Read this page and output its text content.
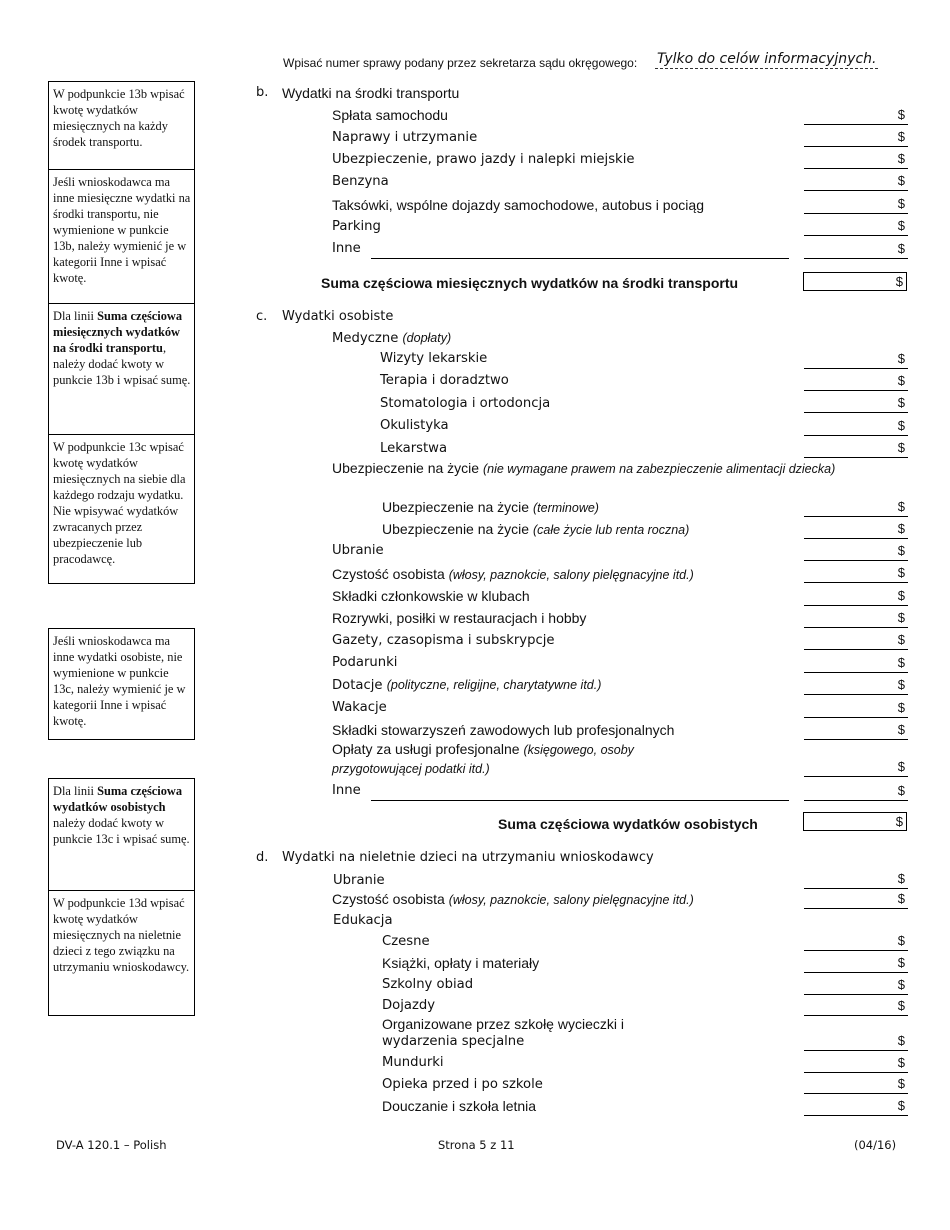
Wpisać numer sprawy podany przez sekretarza sądu okręgowego: Tylko do celów informacyjnych.
W podpunkcie 13b wpisać kwotę wydatków miesięcznych na każdy środek transportu.
Jeśli wnioskodawca ma inne miesięczne wydatki na środki transportu, nie wymienione w punkcie 13b, należy wymienić je w kategorii Inne i wpisać kwotę.
Dla linii Suma częściowa miesięcznych wydatków na środki transportu, należy dodać kwoty w punkcie 13b i wpisać sumę.
W podpunkcie 13c wpisać kwotę wydatków miesięcznych na siebie dla każdego rodzaju wydatku. Nie wpisywać wydatków zwracanych przez ubezpieczenie lub pracodawcę.
Jeśli wnioskodawca ma inne wydatki osobiste, nie wymienione w punkcie 13c, należy wymienić je w kategorii Inne i wpisać kwotę.
Dla linii Suma częściowa wydatków osobistych należy dodać kwoty w punkcie 13c i wpisać sumę.
W podpunkcie 13d wpisać kwotę wydatków miesięcznych na nieletnie dzieci z tego związku na utrzymaniu wnioskodawcy.
b. Wydatki na środki transportu
Spłata samochodu	$
Naprawy i utrzymanie	$
Ubezpieczenie, prawo jazdy i nalepki miejskie	$
Benzyna	$
Taksówki, wspólne dojazdy samochodowe, autobus i pociąg	$
Parking	$
Inne	$
Suma częściowa miesięcznych wydatków na środki transportu	$
c. Wydatki osobiste
Medyczne (dopłaty)
Wizyty lekarskie	$
Terapia i doradztwo	$
Stomatologia i ortodoncja	$
Okulistyka	$
Lekarstwa	$
Ubezpieczenie na życie (nie wymagane prawem na zabezpieczenie alimentacji dziecka)
Ubezpieczenie na życie (terminowe)	$
Ubezpieczenie na życie (całe życie lub renta roczna)	$
Ubranie	$
Czystość osobista (włosy, paznokcie, salony pielęgnacyjne itd.)	$
Składki członkowskie w klubach	$
Rozrywki, posiłki w restauracjach i hobby	$
Gazety, czasopisma i subskrypcje	$
Podarunki	$
Dotacje (polityczne, religijne, charytatywne itd.)	$
Wakacje	$
Składki stowarzyszeń zawodowych lub profesjonalnych	$
Opłaty za usługi profesjonalne (księgowego, osoby
przygotowującej podatki itd.)	$
Inne	$
Suma częściowa wydatków osobistych	$
d. Wydatki na nieletnie dzieci na utrzymaniu wnioskodawcy
Ubranie	$
Czystość osobista (włosy, paznokcie, salony pielęgnacyjne itd.)	$
Edukacja
Czesne	$
Książki, opłaty i materiały	$
Szkolny obiad	$
Dojazdy	$
Organizowane przez szkołę wycieczki i
wydarzenia specjalne	$
Mundurki	$
Opieka przed i po szkole	$
Douczanie i szkoła letnia	$
DV-A 120.1 – Polish	Strona 5 z 11	(04/16)
